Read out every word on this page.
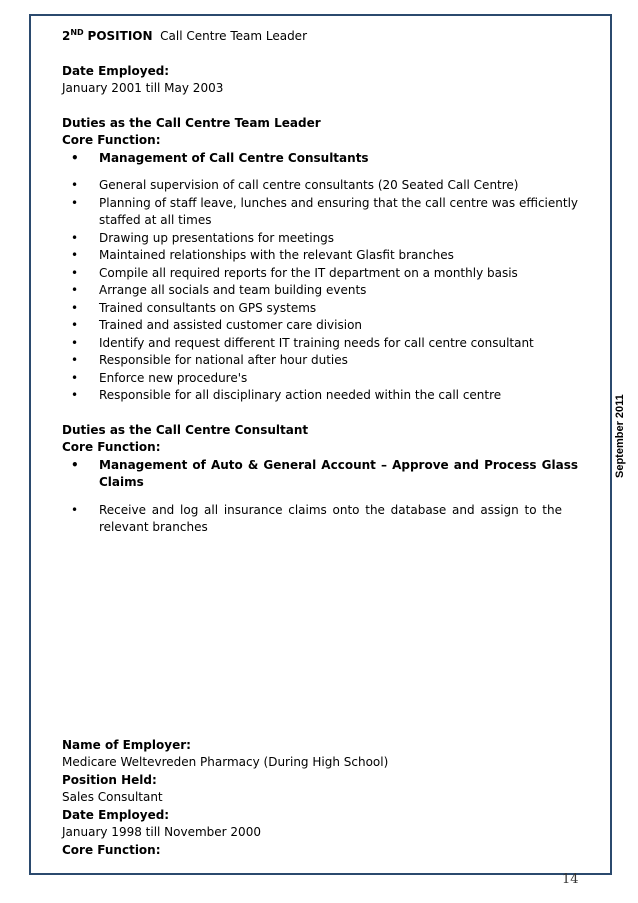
2ND POSITION Call Centre Team Leader

Date Employed:

January 2001 till May 2003

Duties as the Call Centre Team Leader

Core Function:

• Management of Call Centre Consultants
• General supervision of call centre consultants (20 Seated Call Centre)
• Planning of staff leave, lunches and ensuring that the call centre was efficiently staffed at all times
• Drawing up presentations for meetings
• Maintained relationships with the relevant Glasfit branches
• Compile all required reports for the IT department on a monthly basis
• Arrange all socials and team building events
• Trained consultants on GPS systems
• Trained and assisted customer care division
• Identify and request different IT training needs for call centre consultant
• Responsible for national after hour duties
• Enforce new procedure's
• Responsible for all disciplinary action needed within the call centre

Duties as the Call Centre Consultant

Core Function:

• Management of Auto & General Account – Approve and Process Glass Claims
• Receive and log all insurance claims onto the database and assign to the relevant branches

Name of Employer:

Medicare Weltevreden Pharmacy (During High School)

Position Held:

Sales Consultant

Date Employed:

January 1998 till November 2000

Core Function:

September 2011
14
